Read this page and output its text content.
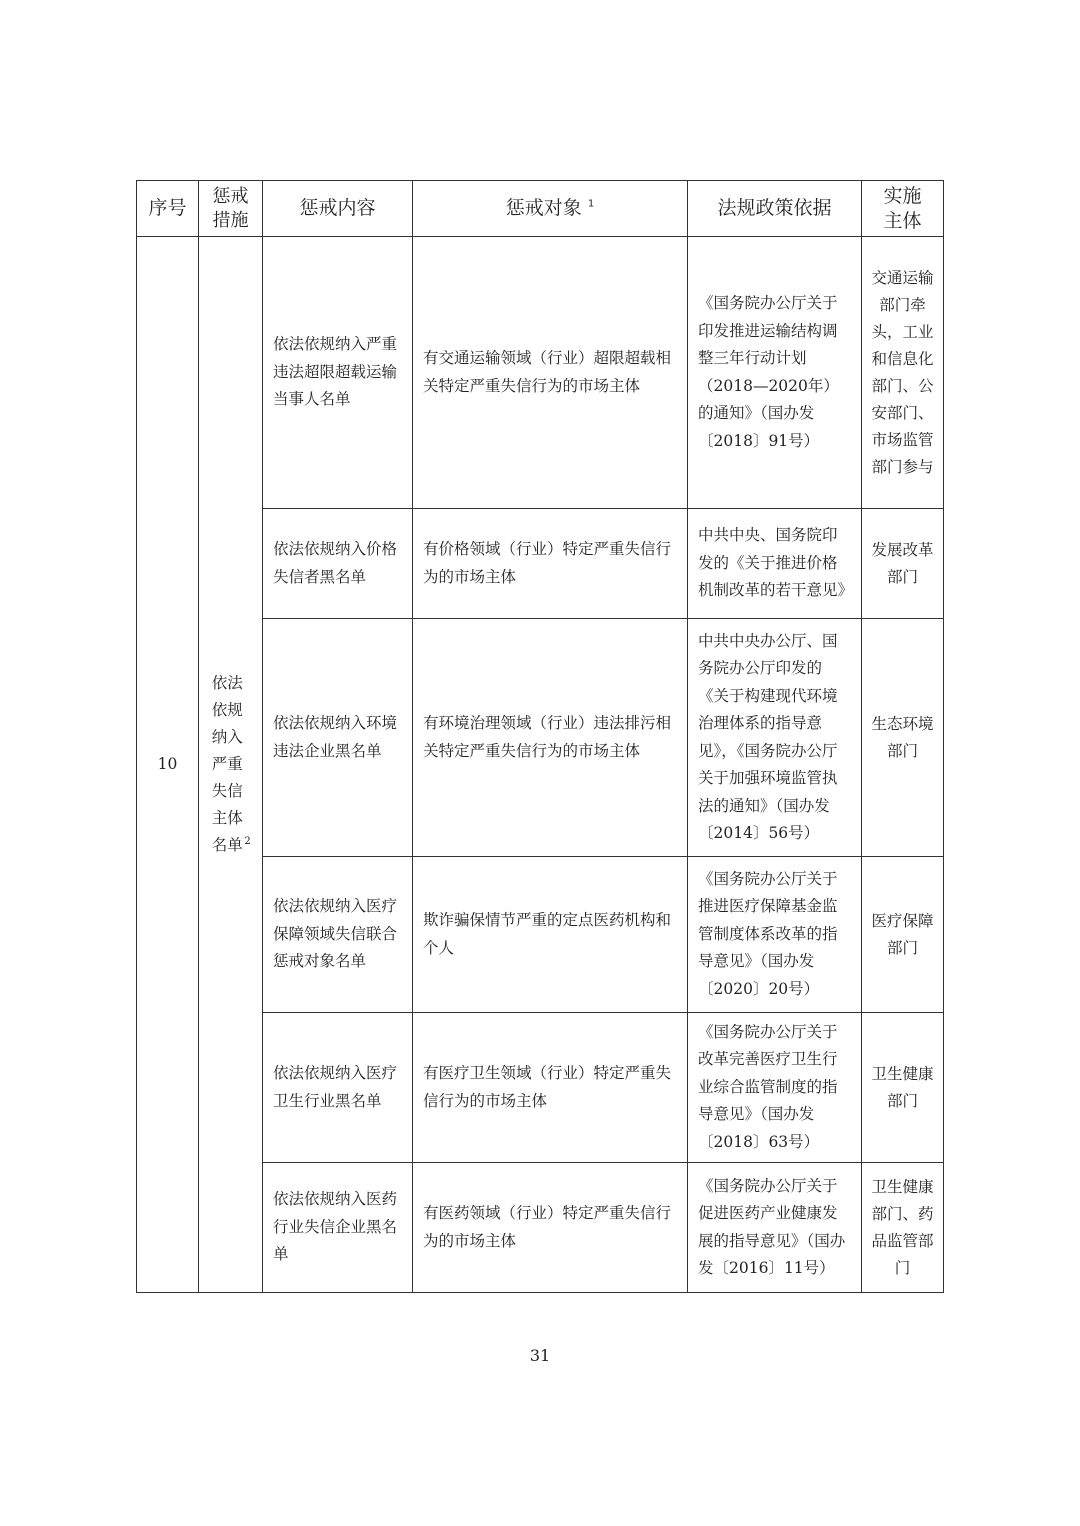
序号	惩戒措施	惩戒内容	惩戒对象 $^1$	法规政策依据	实施主体
10	依法依规纳入严重失信主体名单 $^2$	依法依规纳入严重违法超限超载运输当事人名单	有交通运输领域（行业）超限超载相关特定严重失信行为的市场主体	《国务院办公厅关于印发推进运输结构调整三年行动计划（2018—2020年）的通知》（国办发〔2018〕91号）	交通运输部门牵头，工业和信息化部门、公安部门、市场监管部门参与
		依法依规纳入价格失信者黑名单	有价格领域（行业）特定严重失信行为的市场主体	中共中央、国务院印发的《关于推进价格机制改革的若干意见》	发展改革部门
		依法依规纳入环境违法企业黑名单	有环境治理领域（行业）违法排污相关特定严重失信行为的市场主体	中共中央办公厅、国务院办公厅印发的《关于构建现代环境治理体系的指导意见》，《国务院办公厅关于加强环境监管执法的通知》（国办发〔2014〕56号）	生态环境部门
		依法依规纳入医疗保障领域失信联合惩戒对象名单	欺诈骗保情节严重的定点医药机构和个人	《国务院办公厅关于推进医疗保障基金监管制度体系改革的指导意见》（国办发〔2020〕20号）	医疗保障部门
		依法依规纳入医疗卫生行业黑名单	有医疗卫生领域（行业）特定严重失信行为的市场主体	《国务院办公厅关于改革完善医疗卫生行业综合监管制度的指导意见》（国办发〔2018〕63号）	卫生健康部门
		依法依规纳入医药行业失信企业黑名单	有医药领域（行业）特定严重失信行为的市场主体	《国务院办公厅关于促进医药产业健康发展的指导意见》（国办发〔2016〕11号）	卫生健康部门、药品监管部门
31
